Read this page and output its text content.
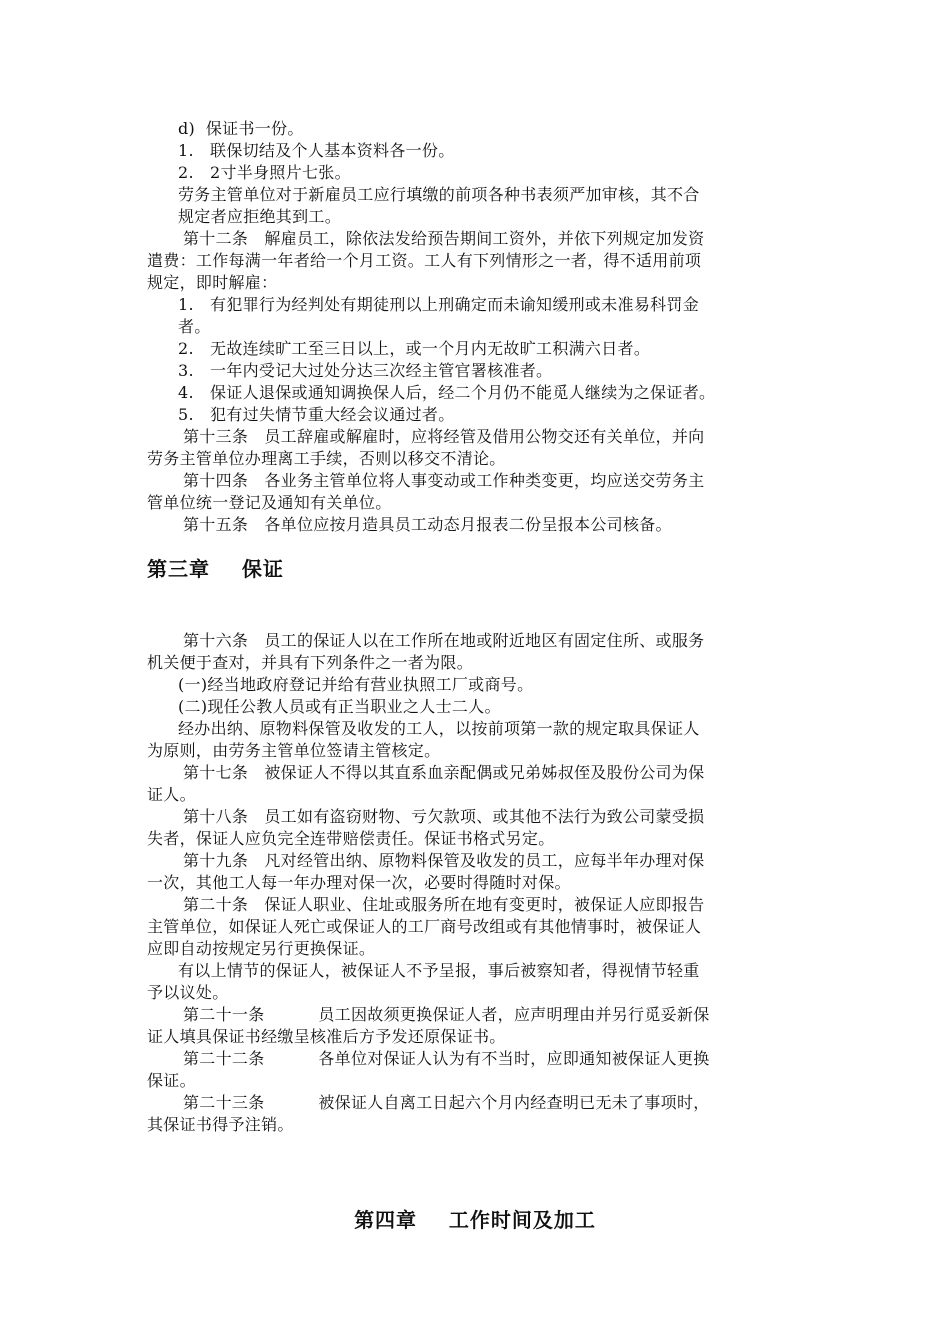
d)  保证书一份。
1.   联保切结及个人基本资料各一份。
2.   2寸半身照片七张。
劳务主管单位对于新雇员工应行填缴的前项各种书表须严加审核，其不合
规定者应拒绝其到工。
第十二条   解雇员工，除依法发给预告期间工资外，并依下列规定加发资
遣费：工作每满一年者给一个月工资。工人有下列情形之一者，得不适用前项
规定，即时解雇：
1.   有犯罪行为经判处有期徒刑以上刑确定而未谕知缓刑或未准易科罚金
者。
2.   无故连续旷工至三日以上，或一个月内无故旷工积满六日者。
3.   一年内受记大过处分达三次经主管官署核准者。
4.   保证人退保或通知调换保人后，经二个月仍不能觅人继续为之保证者。
5.   犯有过失情节重大经会议通过者。
第十三条   员工辞雇或解雇时，应将经管及借用公物交还有关单位，并向
劳务主管单位办理离工手续，否则以移交不清论。
第十四条   各业务主管单位将人事变动或工作种类变更，均应送交劳务主
管单位统一登记及通知有关单位。
第十五条   各单位应按月造具员工动态月报表二份呈报本公司核备。
第三章    保证
第十六条   员工的保证人以在工作所在地或附近地区有固定住所、或服务
机关便于查对，并具有下列条件之一者为限。
(一)经当地政府登记并给有营业执照工厂或商号。
(二)现任公教人员或有正当职业之人士二人。
经办出纳、原物料保管及收发的工人，以按前项第一款的规定取具保证人
为原则，由劳务主管单位签请主管核定。
第十七条   被保证人不得以其直系血亲配偶或兄弟姊叔侄及股份公司为保
证人。
第十八条   员工如有盗窃财物、亏欠款项、或其他不法行为致公司蒙受损
失者，保证人应负完全连带赔偿责任。保证书格式另定。
第十九条   凡对经管出纳、原物料保管及收发的员工，应每半年办理对保
一次，其他工人每一年办理对保一次，必要时得随时对保。
第二十条   保证人职业、住址或服务所在地有变更时，被保证人应即报告
主管单位，如保证人死亡或保证人的工厂商号改组或有其他情事时，被保证人
应即自动按规定另行更换保证。
有以上情节的保证人，被保证人不予呈报，事后被察知者，得视情节轻重
予以议处。
第二十一条          员工因故须更换保证人者，应声明理由并另行觅妥新保
证人填具保证书经缴呈核准后方予发还原保证书。
第二十二条          各单位对保证人认为有不当时，应即通知被保证人更换
保证。
第二十三条          被保证人自离工日起六个月内经查明已无未了事项时，
其保证书得予注销。
第四章    工作时间及加工
